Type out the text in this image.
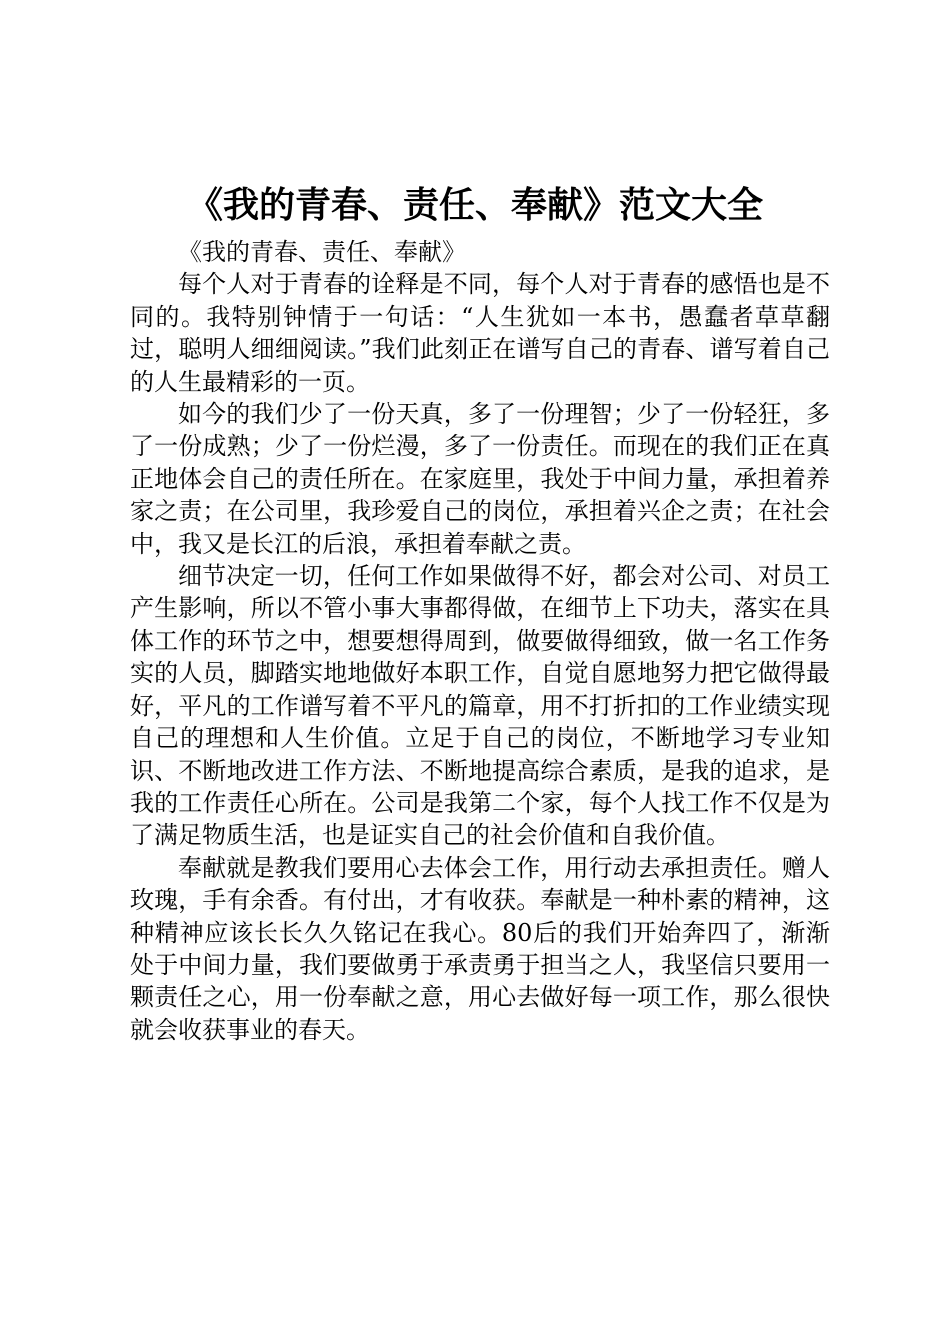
《我的青春、责任、奉献》范文大全

《我的青春、责任、奉献》

每个人对于青春的诠释是不同，每个人对于青春的感悟也是不同的。我特别钟情于一句话：“人生犹如一本书，愚蠢者草草翻过，聪明人细细阅读。”我们此刻正在谱写自己的青春、谱写着自己的人生最精彩的一页。

如今的我们少了一份天真，多了一份理智；少了一份轻狂，多了一份成熟；少了一份烂漫，多了一份责任。而现在的我们正在真正地体会自己的责任所在。在家庭里，我处于中间力量，承担着养家之责；在公司里，我珍爱自己的岗位，承担着兴企之责；在社会中，我又是长江的后浪，承担着奉献之责。

细节决定一切，任何工作如果做得不好，都会对公司、对员工产生影响，所以不管小事大事都得做，在细节上下功夫，落实在具体工作的环节之中，想要想得周到，做要做得细致，做一名工作务实的人员，脚踏实地地做好本职工作，自觉自愿地努力把它做得最好，平凡的工作谱写着不平凡的篇章，用不打折扣的工作业绩实现自己的理想和人生价值。立足于自己的岗位，不断地学习专业知识、不断地改进工作方法、不断地提高综合素质，是我的追求，是我的工作责任心所在。公司是我第二个家，每个人找工作不仅是为了满足物质生活，也是证实自己的社会价值和自我价值。

奉献就是教我们要用心去体会工作，用行动去承担责任。赠人玫瑰，手有余香。有付出，才有收获。奉献是一种朴素的精神，这种精神应该长长久久铭记在我心。80后的我们开始奔四了，渐渐处于中间力量，我们要做勇于承责勇于担当之人，我坚信只要用一颗责任之心，用一份奉献之意，用心去做好每一项工作，那么很快就会收获事业的春天。
